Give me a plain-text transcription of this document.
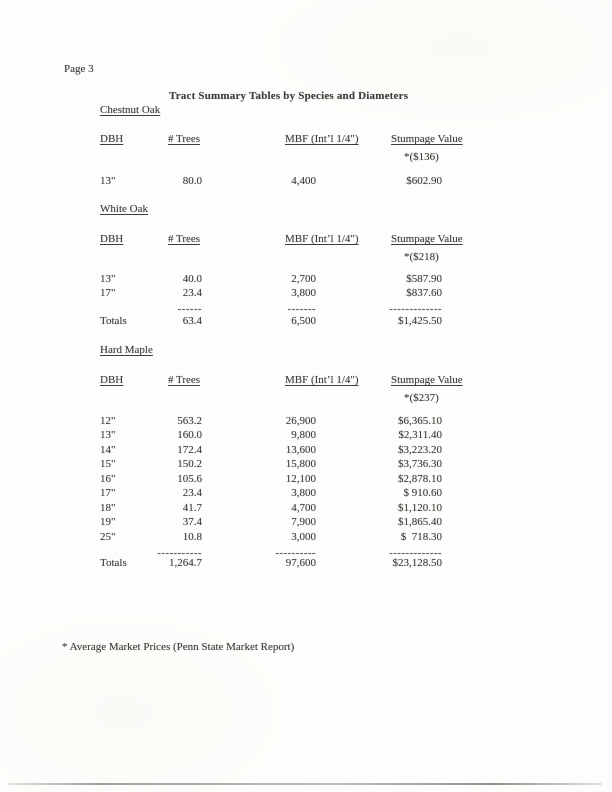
Page 3
Tract Summary Tables by Species and Diameters
Chestnut Oak
DBH	# Trees	MBF (Int’l 1/4")	Stumpage Value
*($136)
13"	80.0	4,400	$602.90
White Oak
DBH	# Trees	MBF (Int’l 1/4")	Stumpage Value
*($218)
13"	40.0	2,700	$587.90
17"	23.4	3,800	$837.60
------	-------	-------------
Totals	63.4	6,500	$1,425.50
Hard Maple
DBH	# Trees	MBF (Int’l 1/4")	Stumpage Value
*($237)
12"	563.2	26,900	$6,365.10
13"	160.0	9,800	$2,311.40
14"	172.4	13,600	$3,223.20
15"	150.2	15,800	$3,736.30
16"	105.6	12,100	$2,878.10
17"	23.4	3,800	$ 910.60
18"	41.7	4,700	$1,120.10
19"	37.4	7,900	$1,865.40
25"	10.8	3,000	$  718.30
-----------	----------	-------------
Totals	1,264.7	97,600	$23,128.50
* Average Market Prices (Penn State Market Report)
